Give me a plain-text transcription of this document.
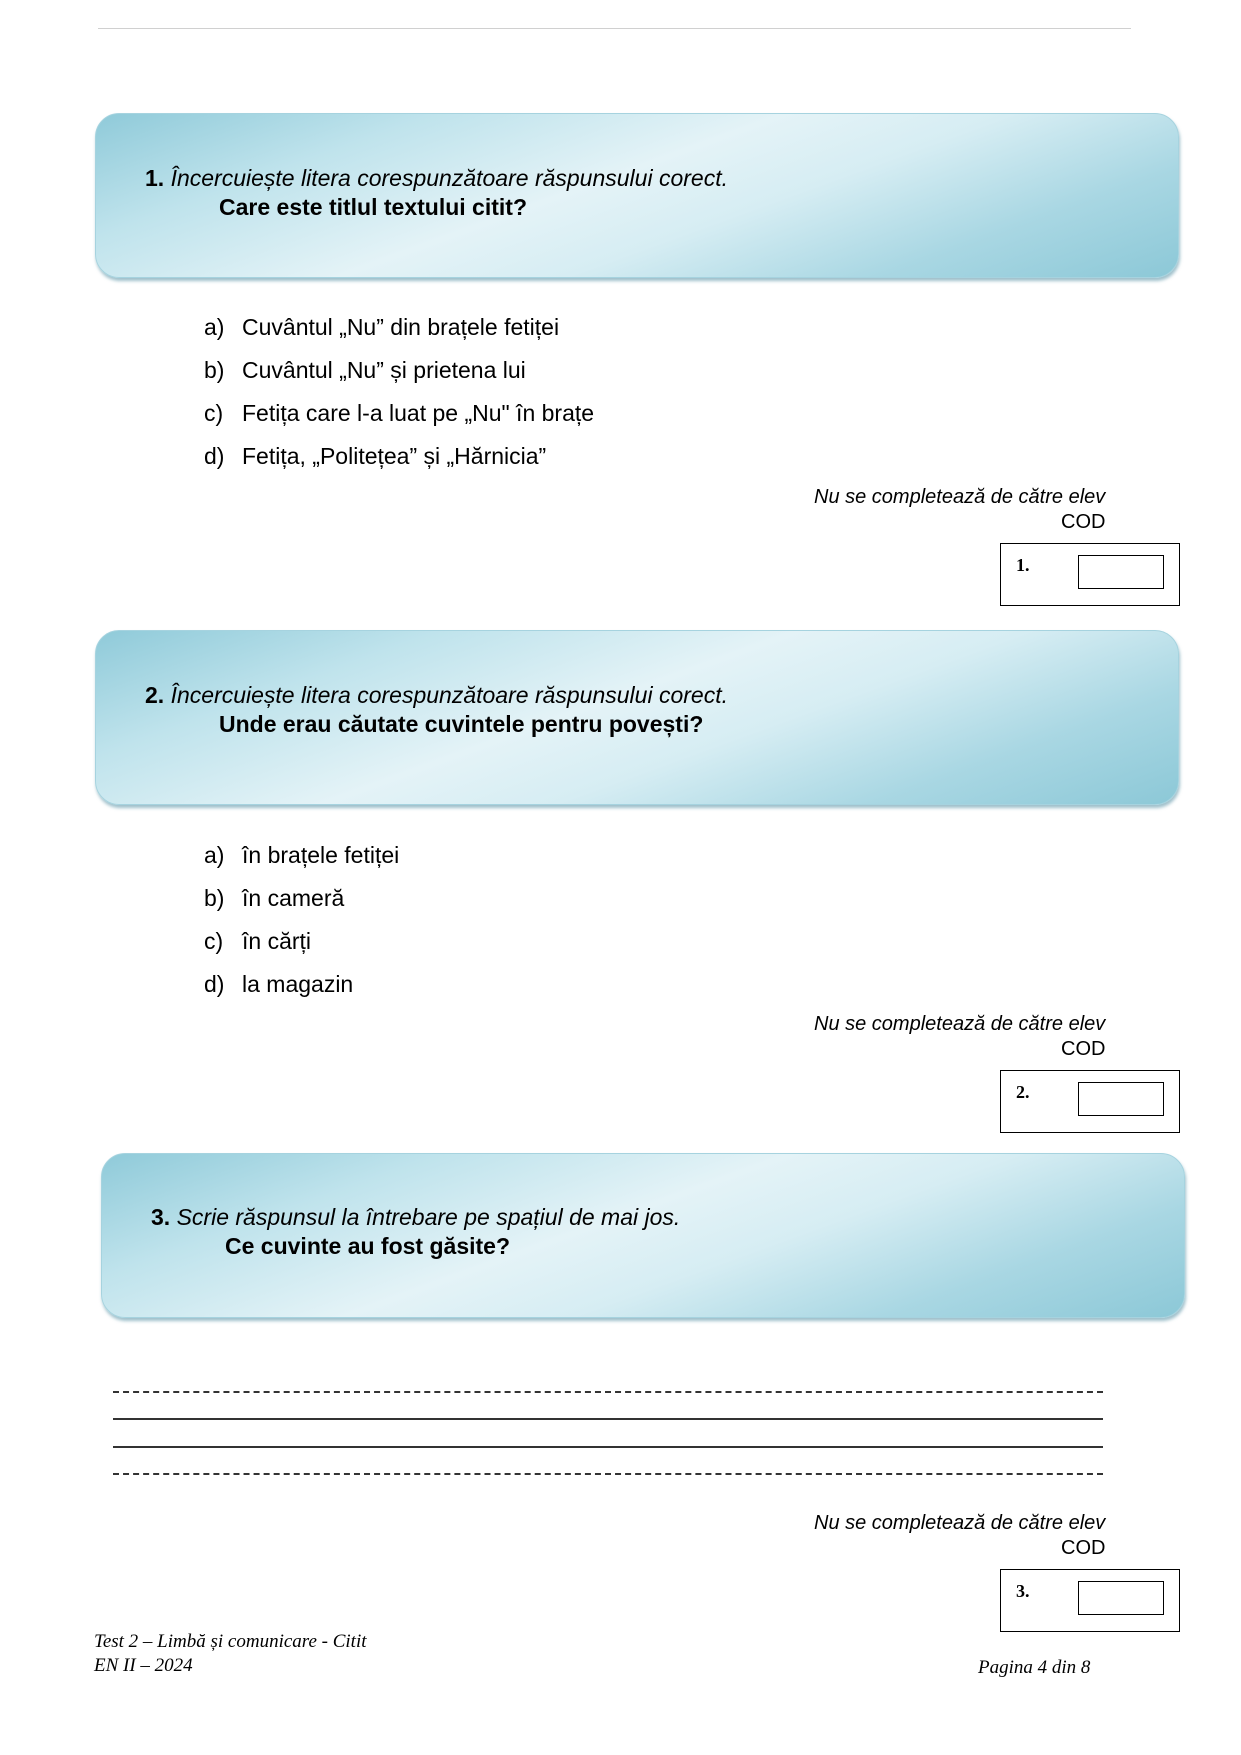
1. Încercuiește litera corespunzătoare răspunsului corect.
Care este titlul textului citit?
a) Cuvântul „Nu” din brațele fetiței
b) Cuvântul „Nu” și prietena lui
c) Fetița care l-a luat pe „Nu" în brațe
d) Fetița, „Politețea” și „Hărnicia”
Nu se completează de către elev
COD
1.
2. Încercuiește litera corespunzătoare răspunsului corect.
Unde erau căutate cuvintele pentru povești?
a) în brațele fetiței
b) în cameră
c) în cărți
d) la magazin
Nu se completează de către elev
COD
2.
3. Scrie răspunsul la întrebare pe spațiul de mai jos.
Ce cuvinte au fost găsite?
Nu se completează de către elev
COD
3.
Test 2 – Limbă și comunicare - Citit
EN II – 2024	Pagina 4 din 8
